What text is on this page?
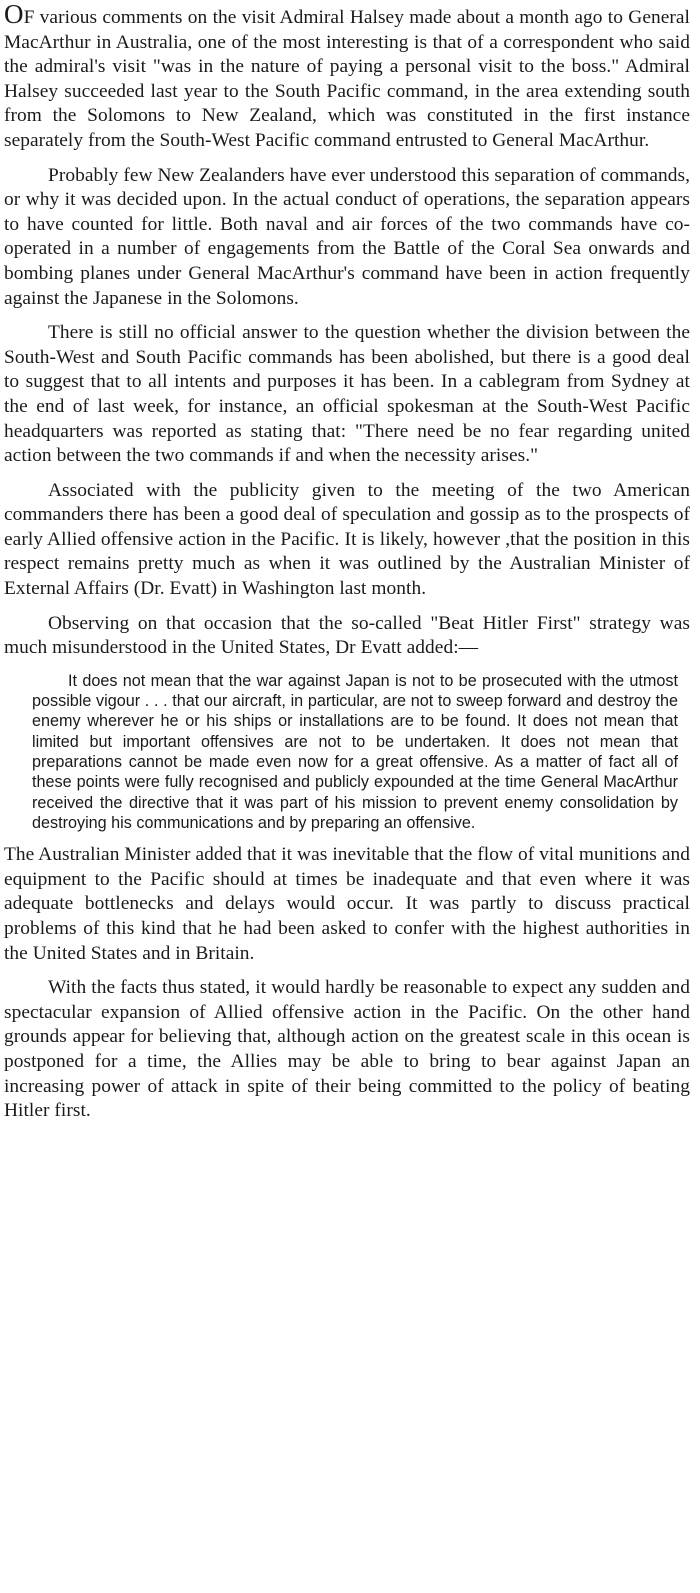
OF various comments on the visit Admiral Halsey made about a month ago to General MacArthur in Australia, one of the most interesting is that of a correspondent who said the admiral's visit "was in the nature of paying a personal visit to the boss." Admiral Halsey succeeded last year to the South Pacific command, in the area extending south from the Solomons to New Zealand, which was constituted in the first instance separately from the South-West Pacific command entrusted to General MacArthur.

Probably few New Zealanders have ever understood this separation of commands, or why it was decided upon. In the actual conduct of operations, the separation appears to have counted for little. Both naval and air forces of the two commands have co-operated in a number of engagements from the Battle of the Coral Sea onwards and bombing planes under General MacArthur's command have been in action frequently against the Japanese in the Solomons.

There is still no official answer to the question whether the division between the South-West and South Pacific commands has been abolished, but there is a good deal to suggest that to all intents and purposes it has been. In a cablegram from Sydney at the end of last week, for instance, an official spokesman at the South-West Pacific headquarters was reported as stating that: "There need be no fear regarding united action between the two commands if and when the necessity arises."

Associated with the publicity given to the meeting of the two American commanders there has been a good deal of speculation and gossip as to the prospects of early Allied offensive action in the Pacific. It is likely, however ,that the position in this respect remains pretty much as when it was outlined by the Australian Minister of External Affairs (Dr. Evatt) in Washington last month.

Observing on that occasion that the so-called "Beat Hitler First" strategy was much misunderstood in the United States, Dr Evatt added:—

It does not mean that the war against Japan is not to be prosecuted with the utmost possible vigour . . . that our aircraft, in particular, are not to sweep forward and destroy the enemy wherever he or his ships or installations are to be found. It does not mean that limited but important offensives are not to be undertaken. It does not mean that preparations cannot be made even now for a great offensive. As a matter of fact all of these points were fully recognised and publicly expounded at the time General MacArthur received the directive that it was part of his mission to prevent enemy consolidation by destroying his communications and by preparing an offensive.

The Australian Minister added that it was inevitable that the flow of vital munitions and equipment to the Pacific should at times be inadequate and that even where it was adequate bottlenecks and delays would occur. It was partly to discuss practical problems of this kind that he had been asked to confer with the highest authorities in the United States and in Britain.

With the facts thus stated, it would hardly be reasonable to expect any sudden and spectacular expansion of Allied offensive action in the Pacific. On the other hand grounds appear for believing that, although action on the greatest scale in this ocean is postponed for a time, the Allies may be able to bring to bear against Japan an increasing power of attack in spite of their being committed to the policy of beating Hitler first.
